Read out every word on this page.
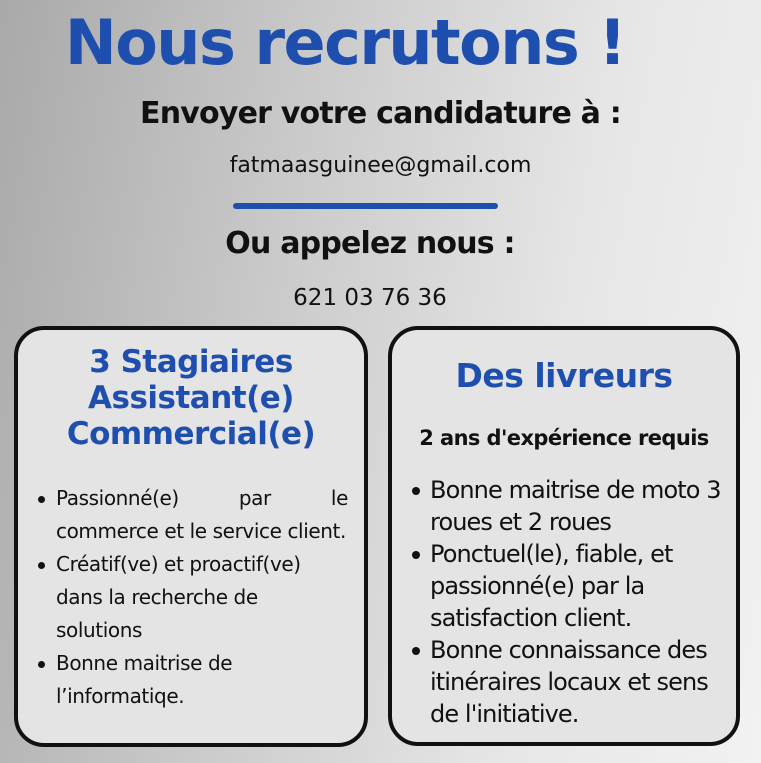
Nous recrutons !
Envoyer votre candidature à :
fatmaasguinee@gmail.com
Ou appelez nous :
621 03 76 36
3 Stagiaires
Assistant(e)
Commercial(e)
Passionné(e) par le commerce et le service client.
Créatif(ve) et proactif(ve) dans la recherche de solutions
Bonne maitrise de l’informatiqe.
Des livreurs
2 ans d'expérience requis
Bonne maitrise de moto 3 roues et 2 roues
Ponctuel(le), fiable, et passionné(e) par la satisfaction client.
Bonne connaissance des itinéraires locaux et sens de l'initiative.
